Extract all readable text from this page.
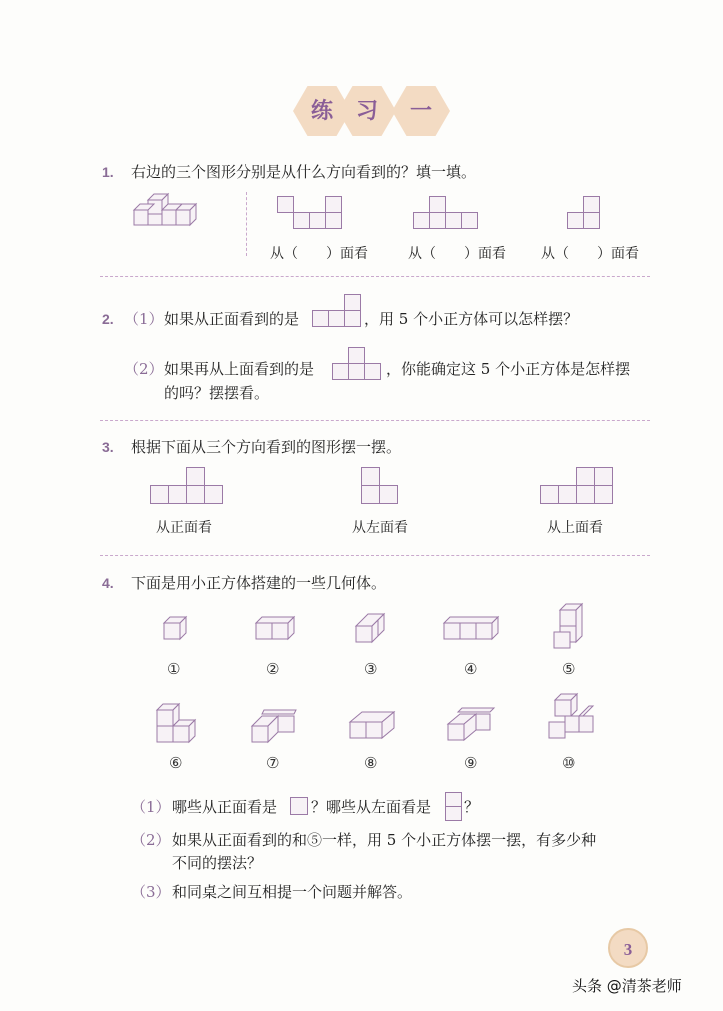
练	习	一
1. 右边的三个图形分别是从什么方向看到的？填一填。
从（　　）面看	从（　　）面看	从（　　）面看
2. （1） 如果从正面看到的是	，用 5 个小正方体可以怎样摆？
（2） 如果再从上面看到的是	，你能确定这 5 个小正方体是怎样摆
的吗？摆摆看。
3. 根据下面从三个方向看到的图形摆一摆。
从正面看	从左面看	从上面看
4. 下面是用小正方体搭建的一些几何体。
①	②	③	④	⑤
⑥	⑦	⑧	⑨	⑩
（1） 哪些从正面看是 ？哪些从左面看是 ？
（2） 如果从正面看到的和⑤一样，用 5 个小正方体摆一摆，有多少种
不同的摆法？
（3） 和同桌之间互相提一个问题并解答。
3
头条 @清茶老师
